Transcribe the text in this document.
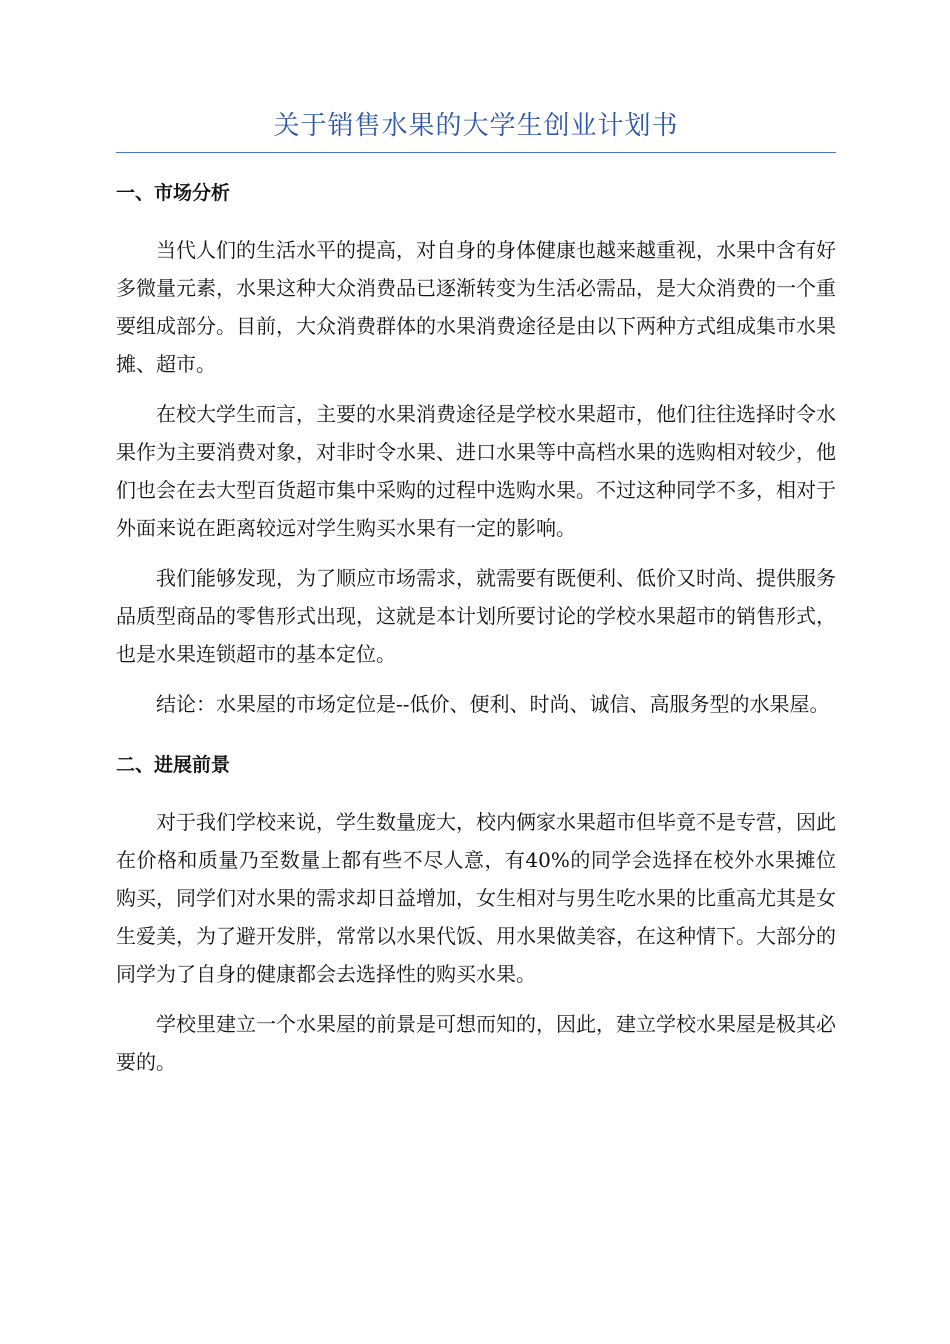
关于销售水果的大学生创业计划书
一、市场分析

当代人们的生活水平的提高，对自身的身体健康也越来越重视，水果中含有好多微量元素，水果这种大众消费品已逐渐转变为生活必需品，是大众消费的一个重要组成部分。目前，大众消费群体的水果消费途径是由以下两种方式组成集市水果摊、超市。

在校大学生而言，主要的水果消费途径是学校水果超市，他们往往选择时令水果作为主要消费对象，对非时令水果、进口水果等中高档水果的选购相对较少，他们也会在去大型百货超市集中采购的过程中选购水果。不过这种同学不多，相对于外面来说在距离较远对学生购买水果有一定的影响。

我们能够发现，为了顺应市场需求，就需要有既便利、低价又时尚、提供服务品质型商品的零售形式出现，这就是本计划所要讨论的学校水果超市的销售形式，也是水果连锁超市的基本定位。

结论：水果屋的市场定位是--低价、便利、时尚、诚信、高服务型的水果屋。

二、进展前景

对于我们学校来说，学生数量庞大，校内俩家水果超市但毕竟不是专营，因此在价格和质量乃至数量上都有些不尽人意，有40%的同学会选择在校外水果摊位购买，同学们对水果的需求却日益增加，女生相对与男生吃水果的比重高尤其是女生爱美，为了避开发胖，常常以水果代饭、用水果做美容，在这种情下。大部分的同学为了自身的健康都会去选择性的购买水果。

学校里建立一个水果屋的前景是可想而知的，因此，建立学校水果屋是极其必要的。
